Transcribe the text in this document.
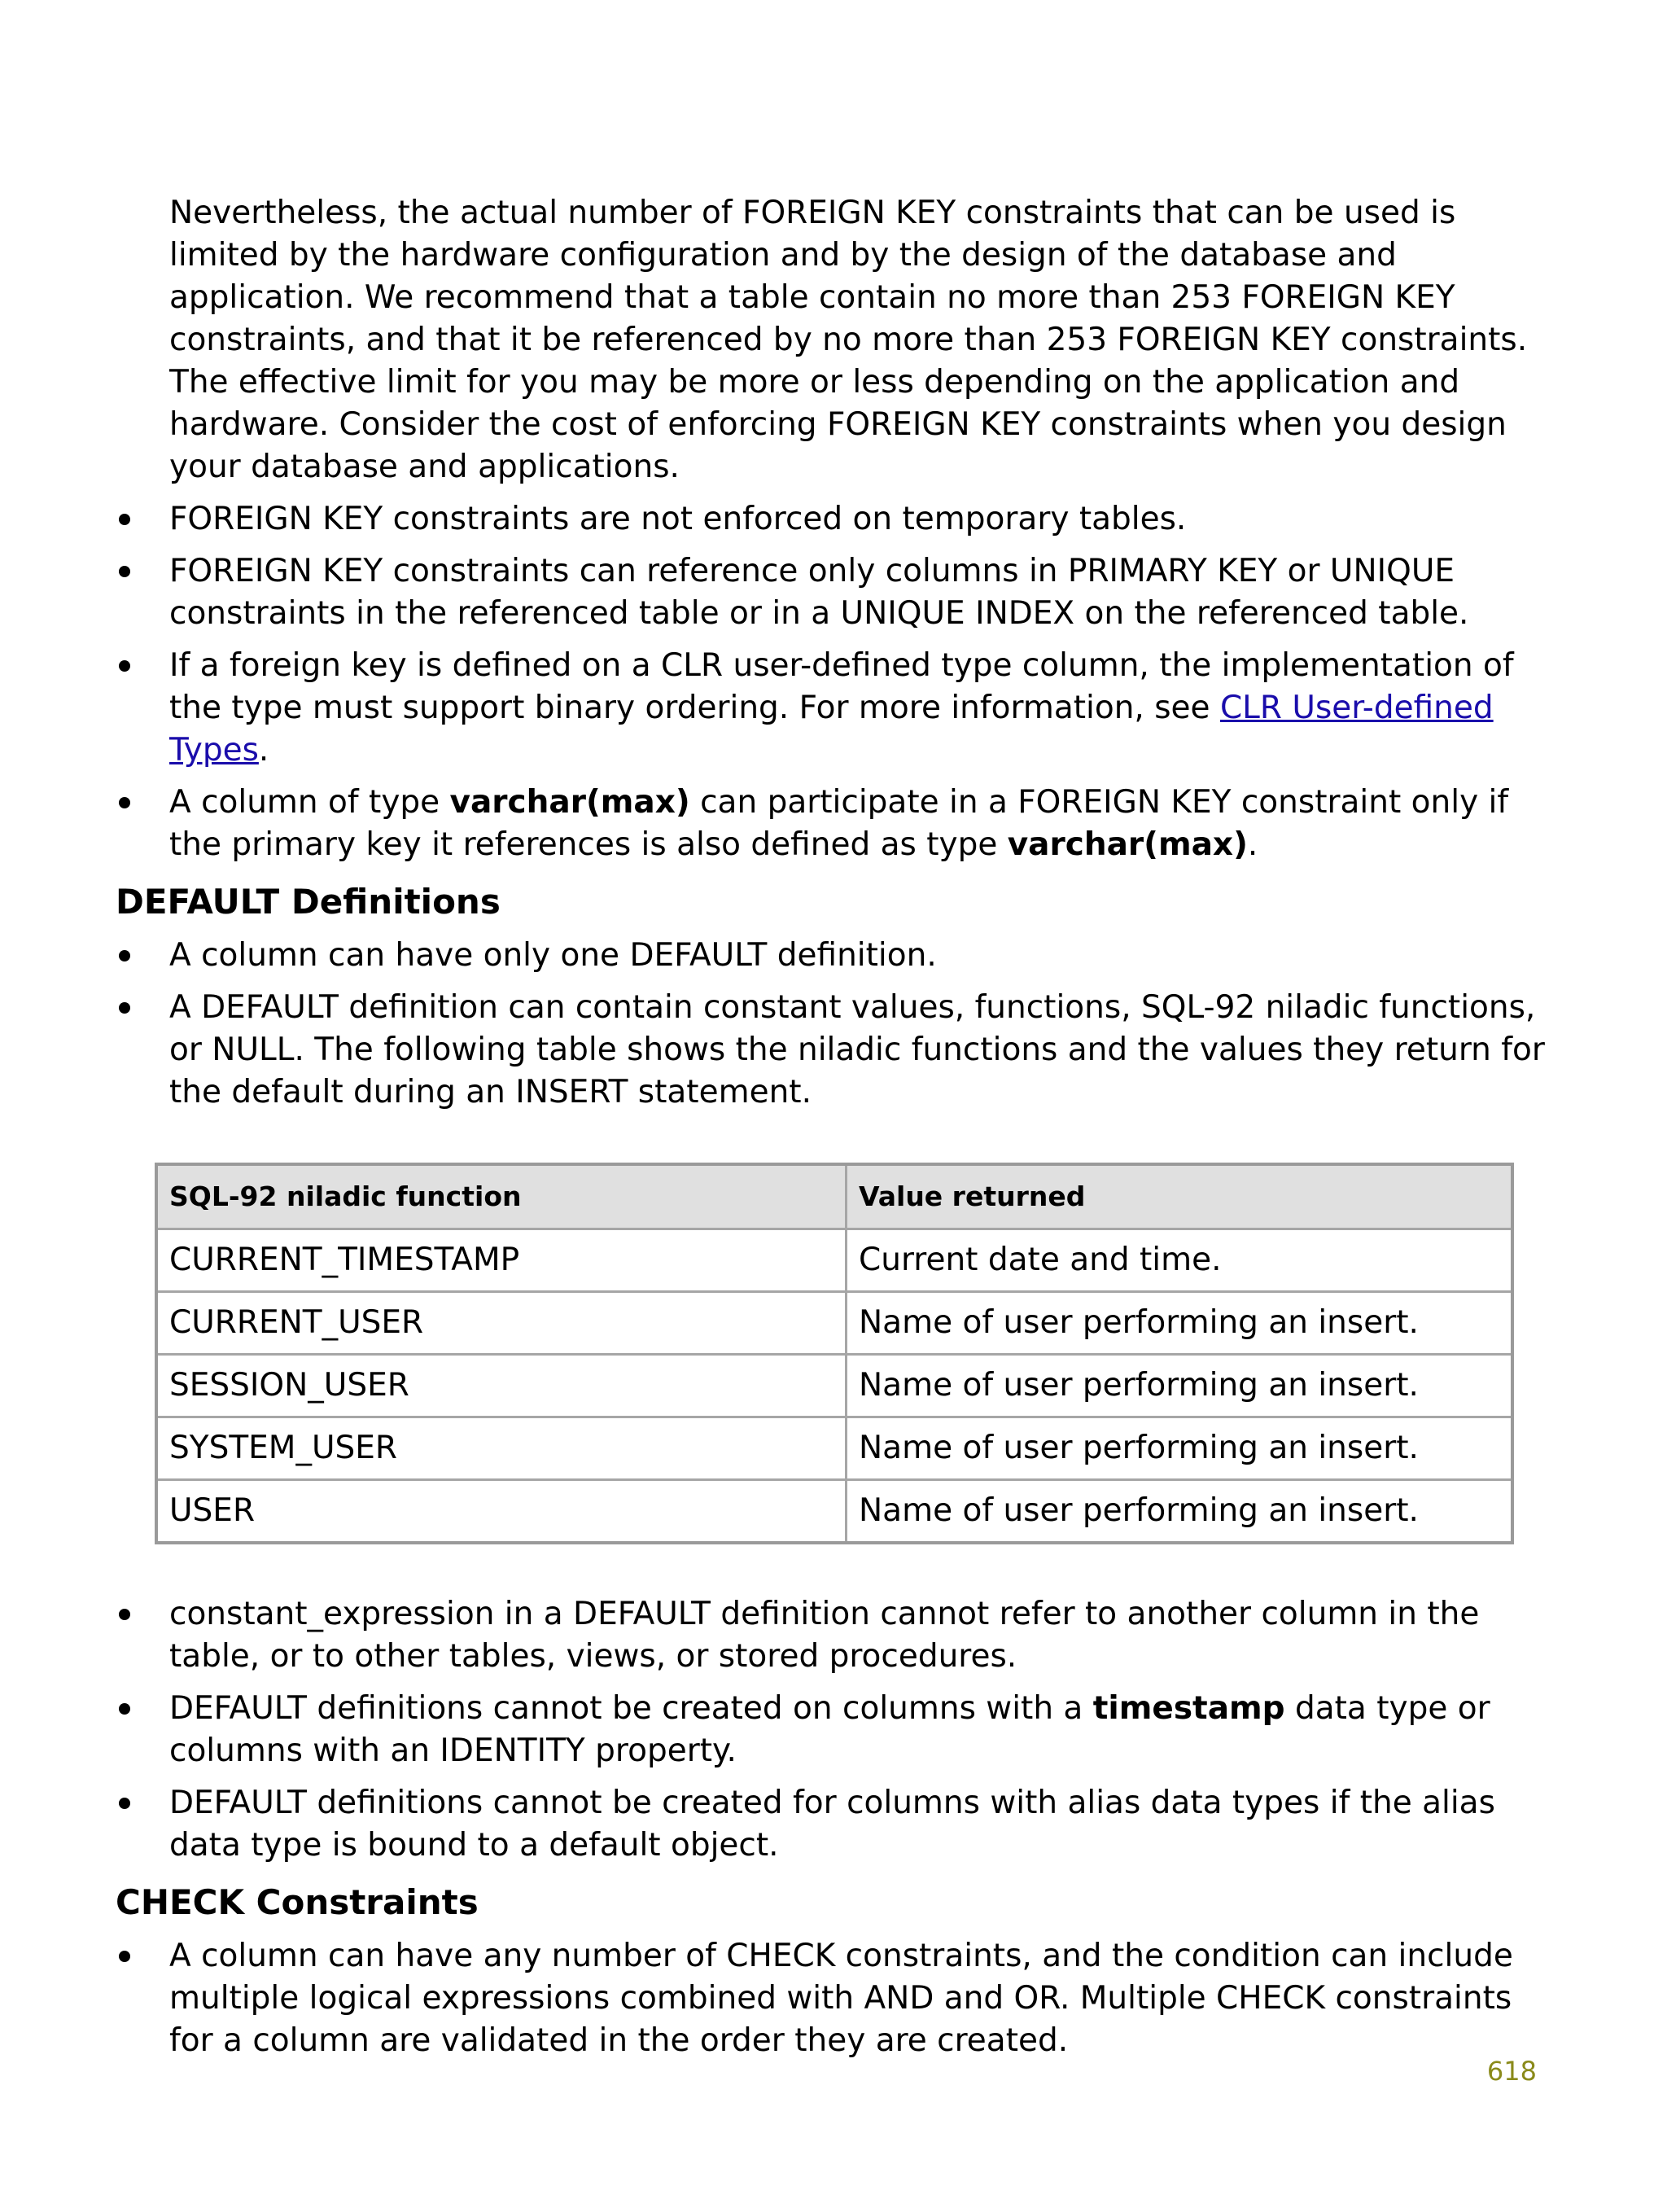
Nevertheless, the actual number of FOREIGN KEY constraints that can be used is limited by the hardware configuration and by the design of the database and application. We recommend that a table contain no more than 253 FOREIGN KEY constraints, and that it be referenced by no more than 253 FOREIGN KEY constraints. The effective limit for you may be more or less depending on the application and hardware. Consider the cost of enforcing FOREIGN KEY constraints when you design your database and applications.

FOREIGN KEY constraints are not enforced on temporary tables.
FOREIGN KEY constraints can reference only columns in PRIMARY KEY or UNIQUE constraints in the referenced table or in a UNIQUE INDEX on the referenced table.
If a foreign key is defined on a CLR user-defined type column, the implementation of the type must support binary ordering. For more information, see CLR User-defined Types.
A column of type varchar(max) can participate in a FOREIGN KEY constraint only if the primary key it references is also defined as type varchar(max).
DEFAULT Definitions
A column can have only one DEFAULT definition.
A DEFAULT definition can contain constant values, functions, SQL-92 niladic functions, or NULL. The following table shows the niladic functions and the values they return for the default during an INSERT statement.
SQL-92 niladic function	Value returned
CURRENT_TIMESTAMP	Current date and time.
CURRENT_USER	Name of user performing an insert.
SESSION_USER	Name of user performing an insert.
SYSTEM_USER	Name of user performing an insert.
USER	Name of user performing an insert.
constant_expression in a DEFAULT definition cannot refer to another column in the table, or to other tables, views, or stored procedures.
DEFAULT definitions cannot be created on columns with a timestamp data type or columns with an IDENTITY property.
DEFAULT definitions cannot be created for columns with alias data types if the alias data type is bound to a default object.
CHECK Constraints
A column can have any number of CHECK constraints, and the condition can include multiple logical expressions combined with AND and OR. Multiple CHECK constraints for a column are validated in the order they are created.
618
